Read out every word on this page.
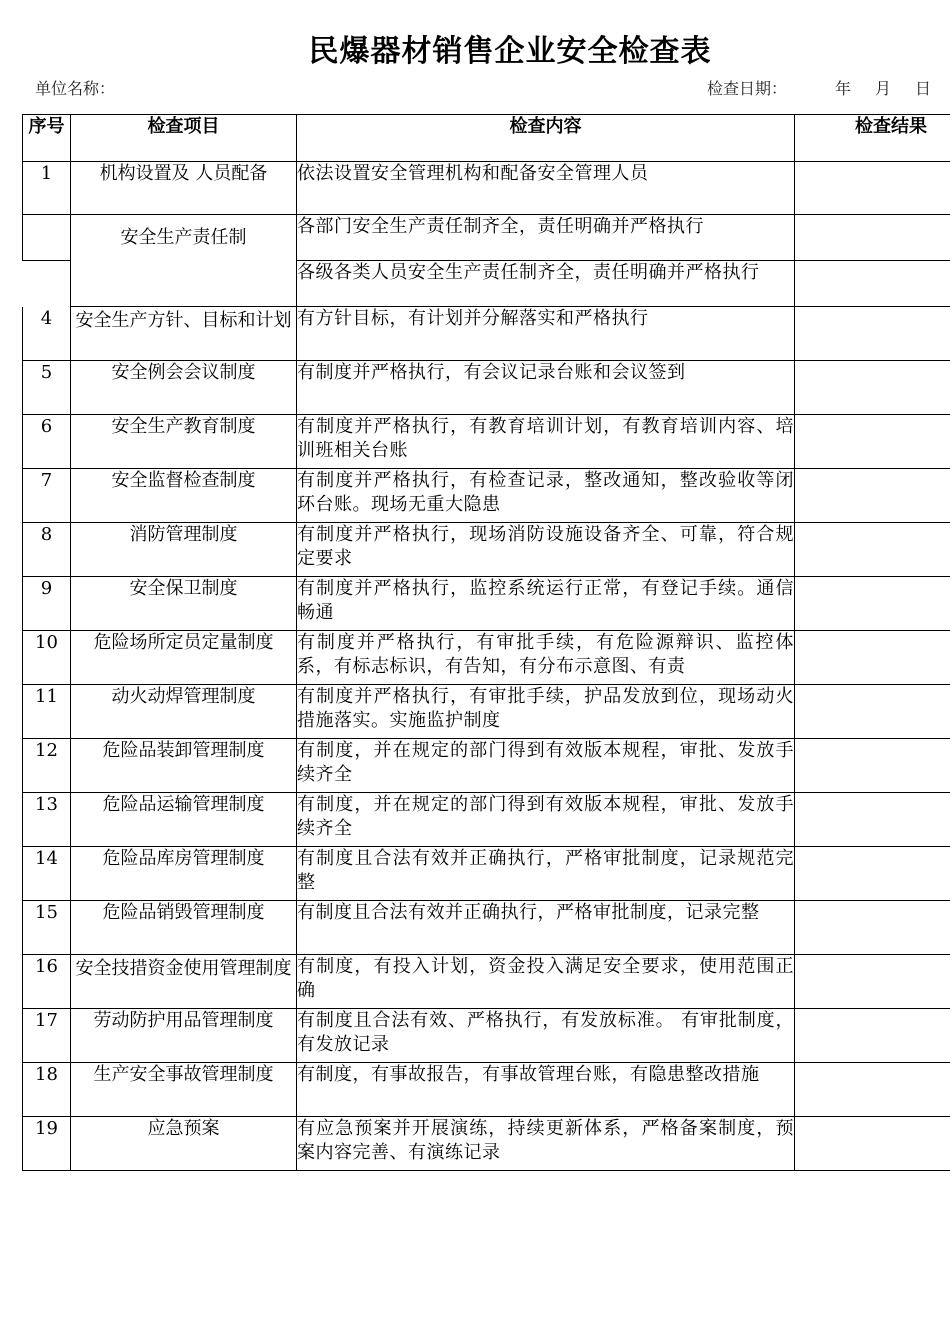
民爆器材销售企业安全检查表
单位名称：	检查日期：	年 月 日
序号	检查项目	检查内容	检查结果
1	机构设置及 人员配备	依法设置安全管理机构和配备安全管理人员	
	安全生产责任制	各部门安全生产责任制齐全，责任明确并严格执行	
		各级各类人员安全生产责任制齐全，责任明确并严格执行	
4	安全生产方针、目标和计划	有方针目标，有计划并分解落实和严格执行	
5	安全例会会议制度	有制度并严格执行，有会议记录台账和会议签到	
6	安全生产教育制度	有制度并严格执行，有教育培训计划，有教育培训内容、培训班相关台账	
7	安全监督检查制度	有制度并严格执行，有检查记录，整改通知，整改验收等闭环台账。现场无重大隐患	
8	消防管理制度	有制度并严格执行，现场消防设施设备齐全、可靠，符合规定要求	
9	安全保卫制度	有制度并严格执行，监控系统运行正常，有登记手续。通信畅通	
10	危险场所定员定量制度	有制度并严格执行，有审批手续，有危险源辩识、监控体系，有标志标识，有告知，有分布示意图、有责	

11	动火动焊管理制度	有制度并严格执行，有审批手续，护品发放到位，现场动火措施落实。实施监护制度	
12	危险品装卸管理制度	有制度，并在规定的部门得到有效版本规程，审批、发放手续齐全	
13	危险品运输管理制度	有制度，并在规定的部门得到有效版本规程，审批、发放手续齐全	
14	危险品库房管理制度	有制度且合法有效并正确执行，严格审批制度，记录规范完整	
15	危险品销毁管理制度	有制度且合法有效并正确执行，严格审批制度，记录完整	
16	安全技措资金使用管理制度	有制度，有投入计划，资金投入满足安全要求，使用范围正确	
17	劳动防护用品管理制度	有制度且合法有效、严格执行，有发放标准。 有审批制度，有发放记录	
18	生产安全事故管理制度	有制度，有事故报告，有事故管理台账，有隐患整改措施	
19	应急预案	有应急预案并开展演练，持续更新体系，严格备案制度，预案内容完善、有演练记录	
